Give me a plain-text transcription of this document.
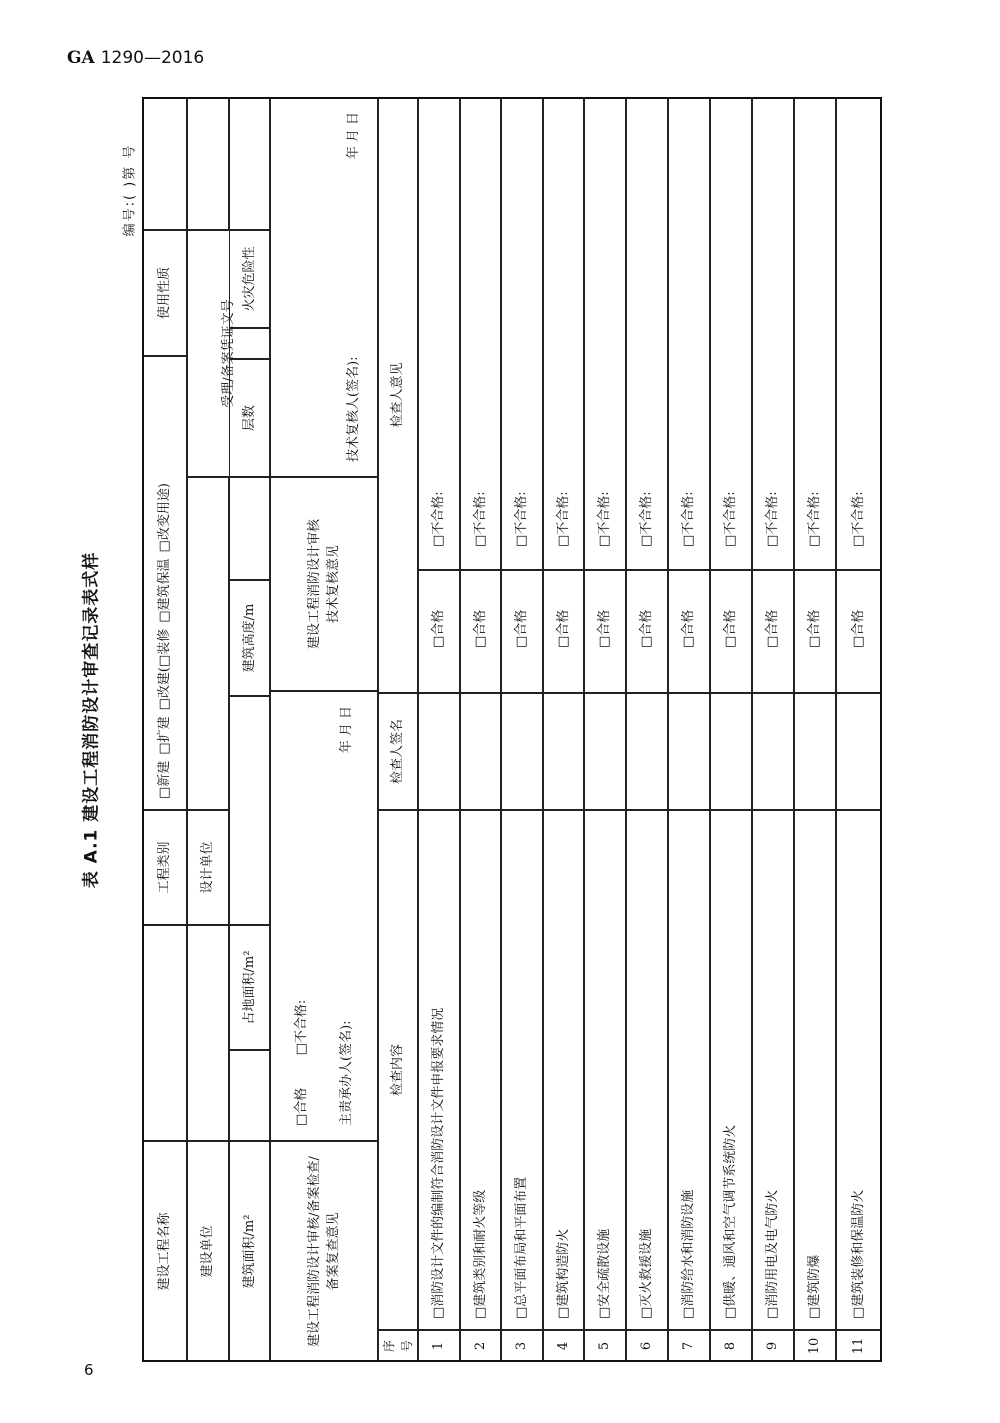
GA 1290—2016
表 A.1 建设工程消防设计审查记录表式样
编号:( )第 号
建设工程名称
工程类别
□新建
□扩建
□改建(□装修
□建筑保温
□改变用途)
使用性质
建设单位
设计单位
受理/备案凭证文号
建筑面积/m²
占地面积/m²
建筑高度/m
层数
火灾危险性
建设工程消防设计审核/备案检查/备案复查意见
□合格  □不合格: 主责承办人(签名):
年 月 日
建设工程消防设计审核技术复核意见
技术复核人(签名):
年 月 日
序号
检查内容
检查人签名
检查人意见
1
□消防设计文件的编制符合消防设计文件申报要求情况
□合格
□不合格:
2
□建筑类别和耐火等级
□合格
□不合格:
3
□总平面布局和平面布置
□合格
□不合格:
4
□建筑构造防火
□合格
□不合格:
5
□安全疏散设施
□合格
□不合格:
6
□灭火救援设施
□合格
□不合格:
7
□消防给水和消防设施
□合格
□不合格:
8
□供暖、通风和空气调节系统防火
□合格
□不合格:
9
□消防用电及电气防火
□合格
□不合格:
10
□建筑防爆
□合格
□不合格:
11
□建筑装修和保温防火
□合格
□不合格:
6
